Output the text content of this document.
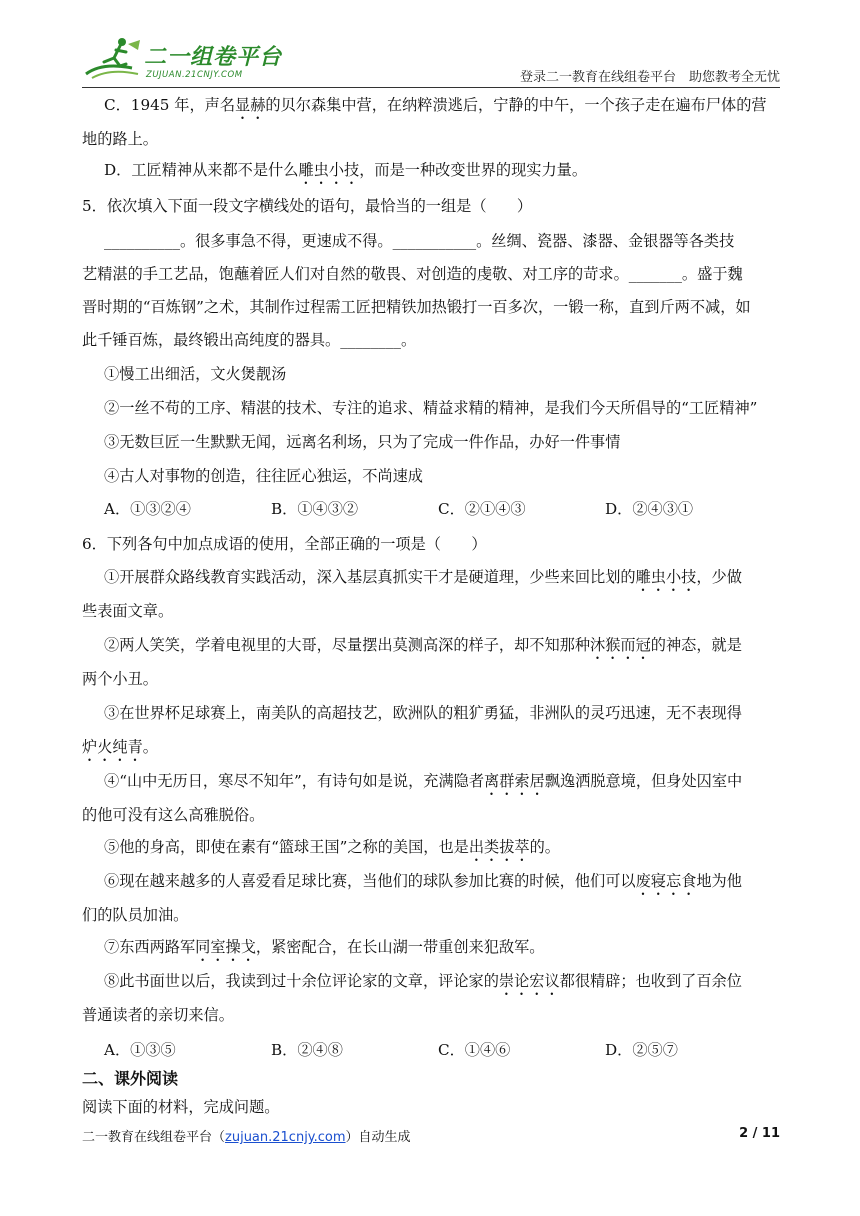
二一组卷平台
ZUJUAN.21CNJY.COM	登录二一教育在线组卷平台　助您教考全无忧
C．1945 年，声名显赫的贝尔森集中营，在纳粹溃逃后，宁静的中午，一个孩子走在遍布尸体的营
地的路上。
D．工匠精神从来都不是什么雕虫小技，而是一种改变世界的现实力量。
5．依次填入下面一段文字横线处的语句，最恰当的一组是（　　）
__________。很多事急不得，更速成不得。___________。丝绸、瓷器、漆器、金银器等各类技
艺精湛的手工艺品，饱蘸着匠人们对自然的敬畏、对创造的虔敬、对工序的苛求。_______。盛于魏
晋时期的“百炼钢”之术，其制作过程需工匠把精铁加热锻打一百多次，一锻一称，直到斤两不减，如
此千锤百炼，最终锻出高纯度的器具。________。
①慢工出细活，文火煲靓汤
②一丝不苟的工序、精湛的技术、专注的追求、精益求精的精神，是我们今天所倡导的“工匠精神”
③无数巨匠一生默默无闻，远离名利场，只为了完成一件作品，办好一件事情
④古人对事物的创造，往往匠心独运，不尚速成
A．①③②④	B．①④③②	C．②①④③	D．②④③①
6．下列各句中加点成语的使用，全部正确的一项是（　　）
①开展群众路线教育实践活动，深入基层真抓实干才是硬道理，少些来回比划的雕虫小技，少做
些表面文章。
②两人笑笑，学着电视里的大哥，尽量摆出莫测高深的样子，却不知那种沐猴而冠的神态，就是
两个小丑。
③在世界杯足球赛上，南美队的高超技艺，欧洲队的粗犷勇猛，非洲队的灵巧迅速，无不表现得
炉火纯青。
④“山中无历日，寒尽不知年”，有诗句如是说，充满隐者离群索居飘逸洒脱意境，但身处囚室中
的他可没有这么高雅脱俗。
⑤他的身高，即使在素有“篮球王国”之称的美国，也是出类拔萃的。
⑥现在越来越多的人喜爱看足球比赛，当他们的球队参加比赛的时候，他们可以废寝忘食地为他
们的队员加油。
⑦东西两路军同室操戈，紧密配合，在长山湖一带重创来犯敌军。
⑧此书面世以后，我读到过十余位评论家的文章，评论家的崇论宏议都很精辟；也收到了百余位
普通读者的亲切来信。
A．①③⑤	B．②④⑧	C．①④⑥	D．②⑤⑦
二、课外阅读
阅读下面的材料，完成问题。
二一教育在线组卷平台（zujuan.21cnjy.com）自动生成	2 / 11
